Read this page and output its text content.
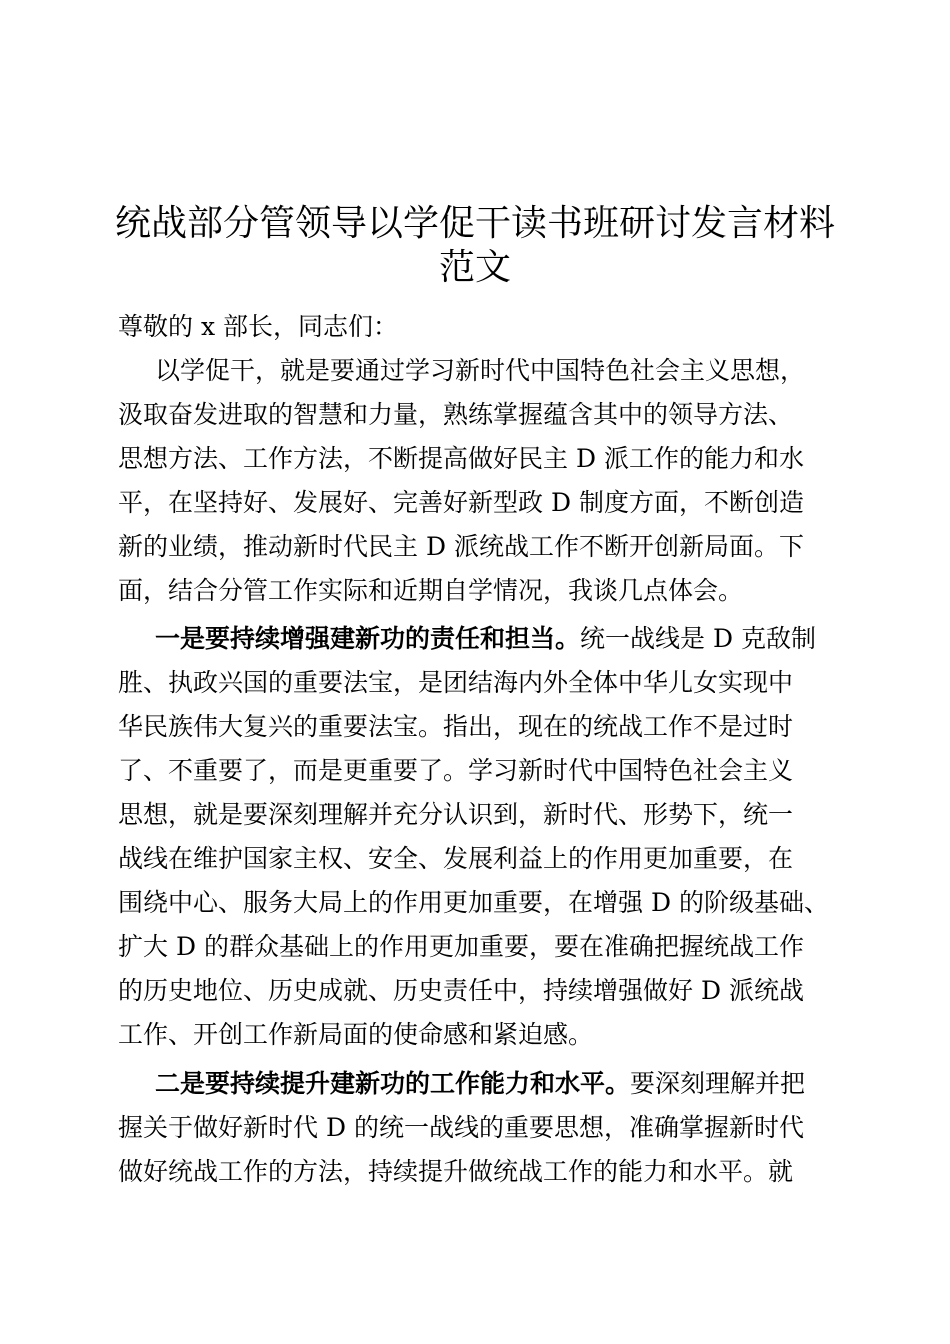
统战部分管领导以学促干读书班研讨发言材料
范文
尊敬的 x 部长，同志们：
以学促干，就是要通过学习新时代中国特色社会主义思想，
汲取奋发进取的智慧和力量，熟练掌握蕴含其中的领导方法、
思想方法、工作方法，不断提高做好民主 D 派工作的能力和水
平，在坚持好、发展好、完善好新型政 D 制度方面，不断创造
新的业绩，推动新时代民主 D 派统战工作不断开创新局面。下
面，结合分管工作实际和近期自学情况，我谈几点体会。
一是要持续增强建新功的责任和担当。统一战线是 D 克敌制
胜、执政兴国的重要法宝，是团结海内外全体中华儿女实现中
华民族伟大复兴的重要法宝。指出，现在的统战工作不是过时
了、不重要了，而是更重要了。学习新时代中国特色社会主义
思想，就是要深刻理解并充分认识到，新时代、形势下，统一
战线在维护国家主权、安全、发展利益上的作用更加重要，在
围绕中心、服务大局上的作用更加重要，在增强 D 的阶级基础、
扩大 D 的群众基础上的作用更加重要，要在准确把握统战工作
的历史地位、历史成就、历史责任中，持续增强做好 D 派统战
工作、开创工作新局面的使命感和紧迫感。
二是要持续提升建新功的工作能力和水平。要深刻理解并把
握关于做好新时代 D 的统一战线的重要思想，准确掌握新时代
做好统战工作的方法，持续提升做统战工作的能力和水平。就
